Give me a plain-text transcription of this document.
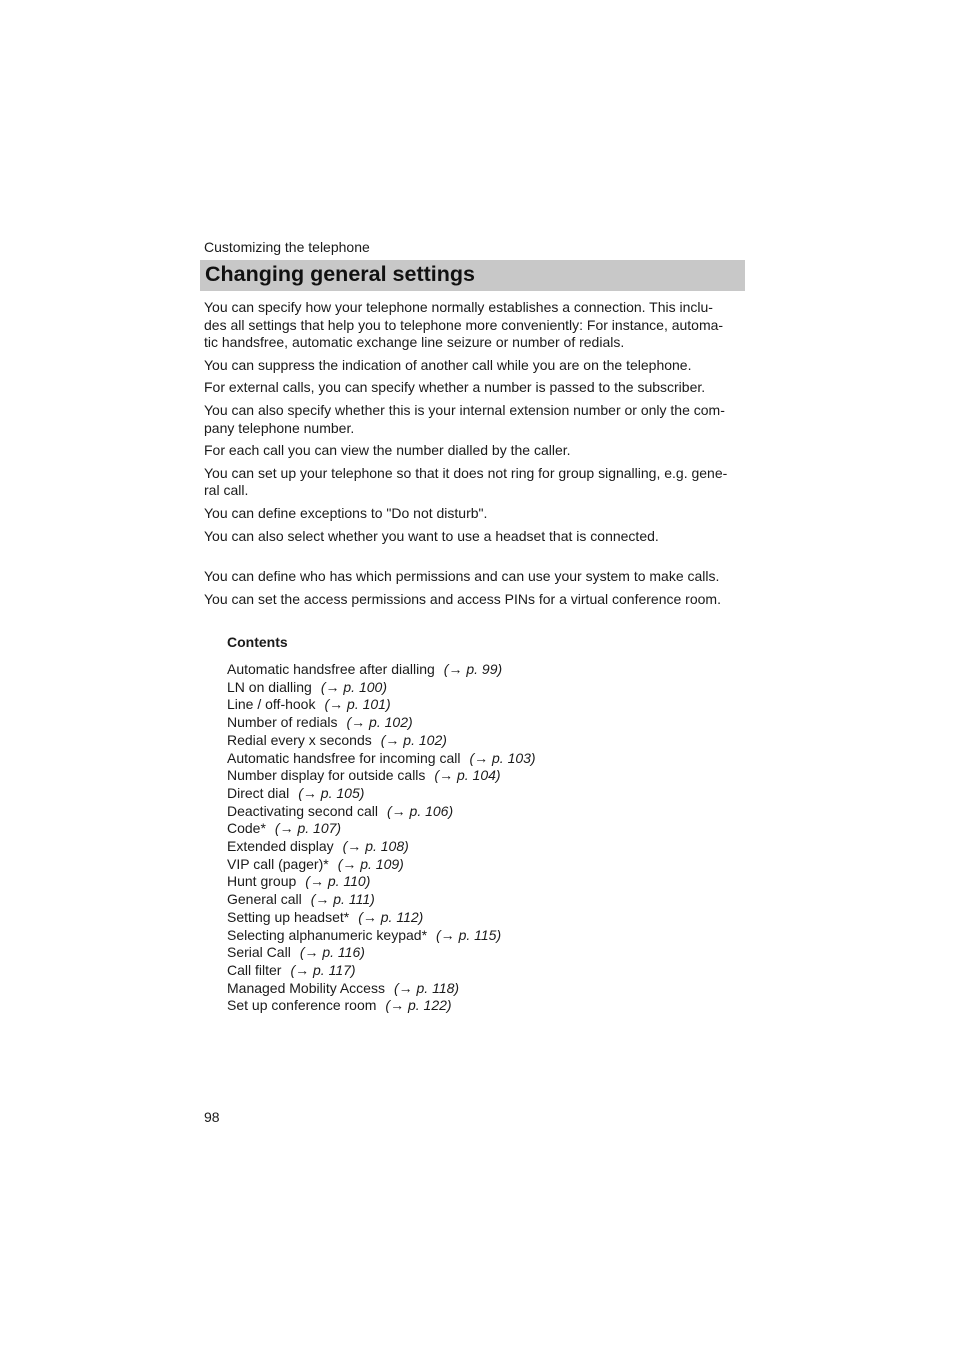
Customizing the telephone
Changing general settings

You can specify how your telephone normally establishes a connection. This inclu-
des all settings that help you to telephone more conveniently: For instance, automa-
tic handsfree, automatic exchange line seizure or number of redials.

You can suppress the indication of another call while you are on the telephone.

For external calls, you can specify whether a number is passed to the subscriber.

You can also specify whether this is your internal extension number or only the com-
pany telephone number.

For each call you can view the number dialled by the caller.

You can set up your telephone so that it does not ring for group signalling, e.g. gene-
ral call.

You can define exceptions to "Do not disturb".

You can also select whether you want to use a headset that is connected.

You can define who has which permissions and can use your system to make calls.

You can set the access permissions and access PINs for a virtual conference room.

Contents
Automatic handsfree after dialling (→ p. 99)
LN on dialling (→ p. 100)
Line / off-hook (→ p. 101)
Number of redials (→ p. 102)
Redial every x seconds (→ p. 102)
Automatic handsfree for incoming call (→ p. 103)
Number display for outside calls (→ p. 104)
Direct dial (→ p. 105)
Deactivating second call (→ p. 106)
Code* (→ p. 107)
Extended display (→ p. 108)
VIP call (pager)* (→ p. 109)
Hunt group (→ p. 110)
General call (→ p. 111)
Setting up headset* (→ p. 112)
Selecting alphanumeric keypad* (→ p. 115)
Serial Call (→ p. 116)
Call filter (→ p. 117)
Managed Mobility Access (→ p. 118)
Set up conference room (→ p. 122)
98
